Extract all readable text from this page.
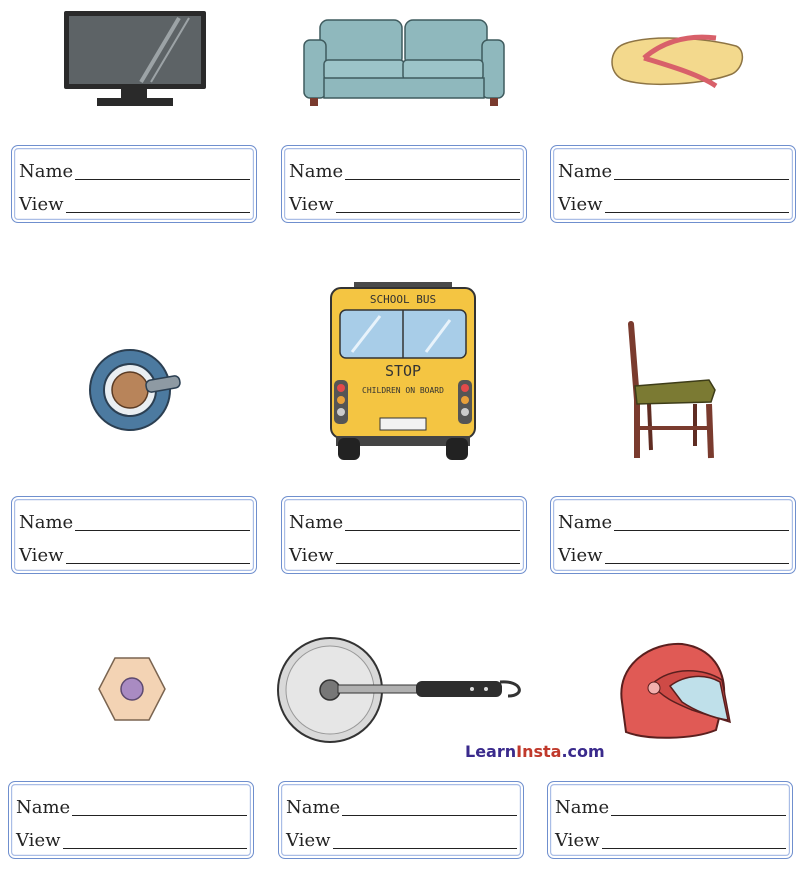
SCHOOL BUS
STOP
CHILDREN ON BOARD
Name
View
Name
View
Name
View
Name
View
Name
View
Name
View
Name
View
Name
View
Name
View
LearnInsta.com
